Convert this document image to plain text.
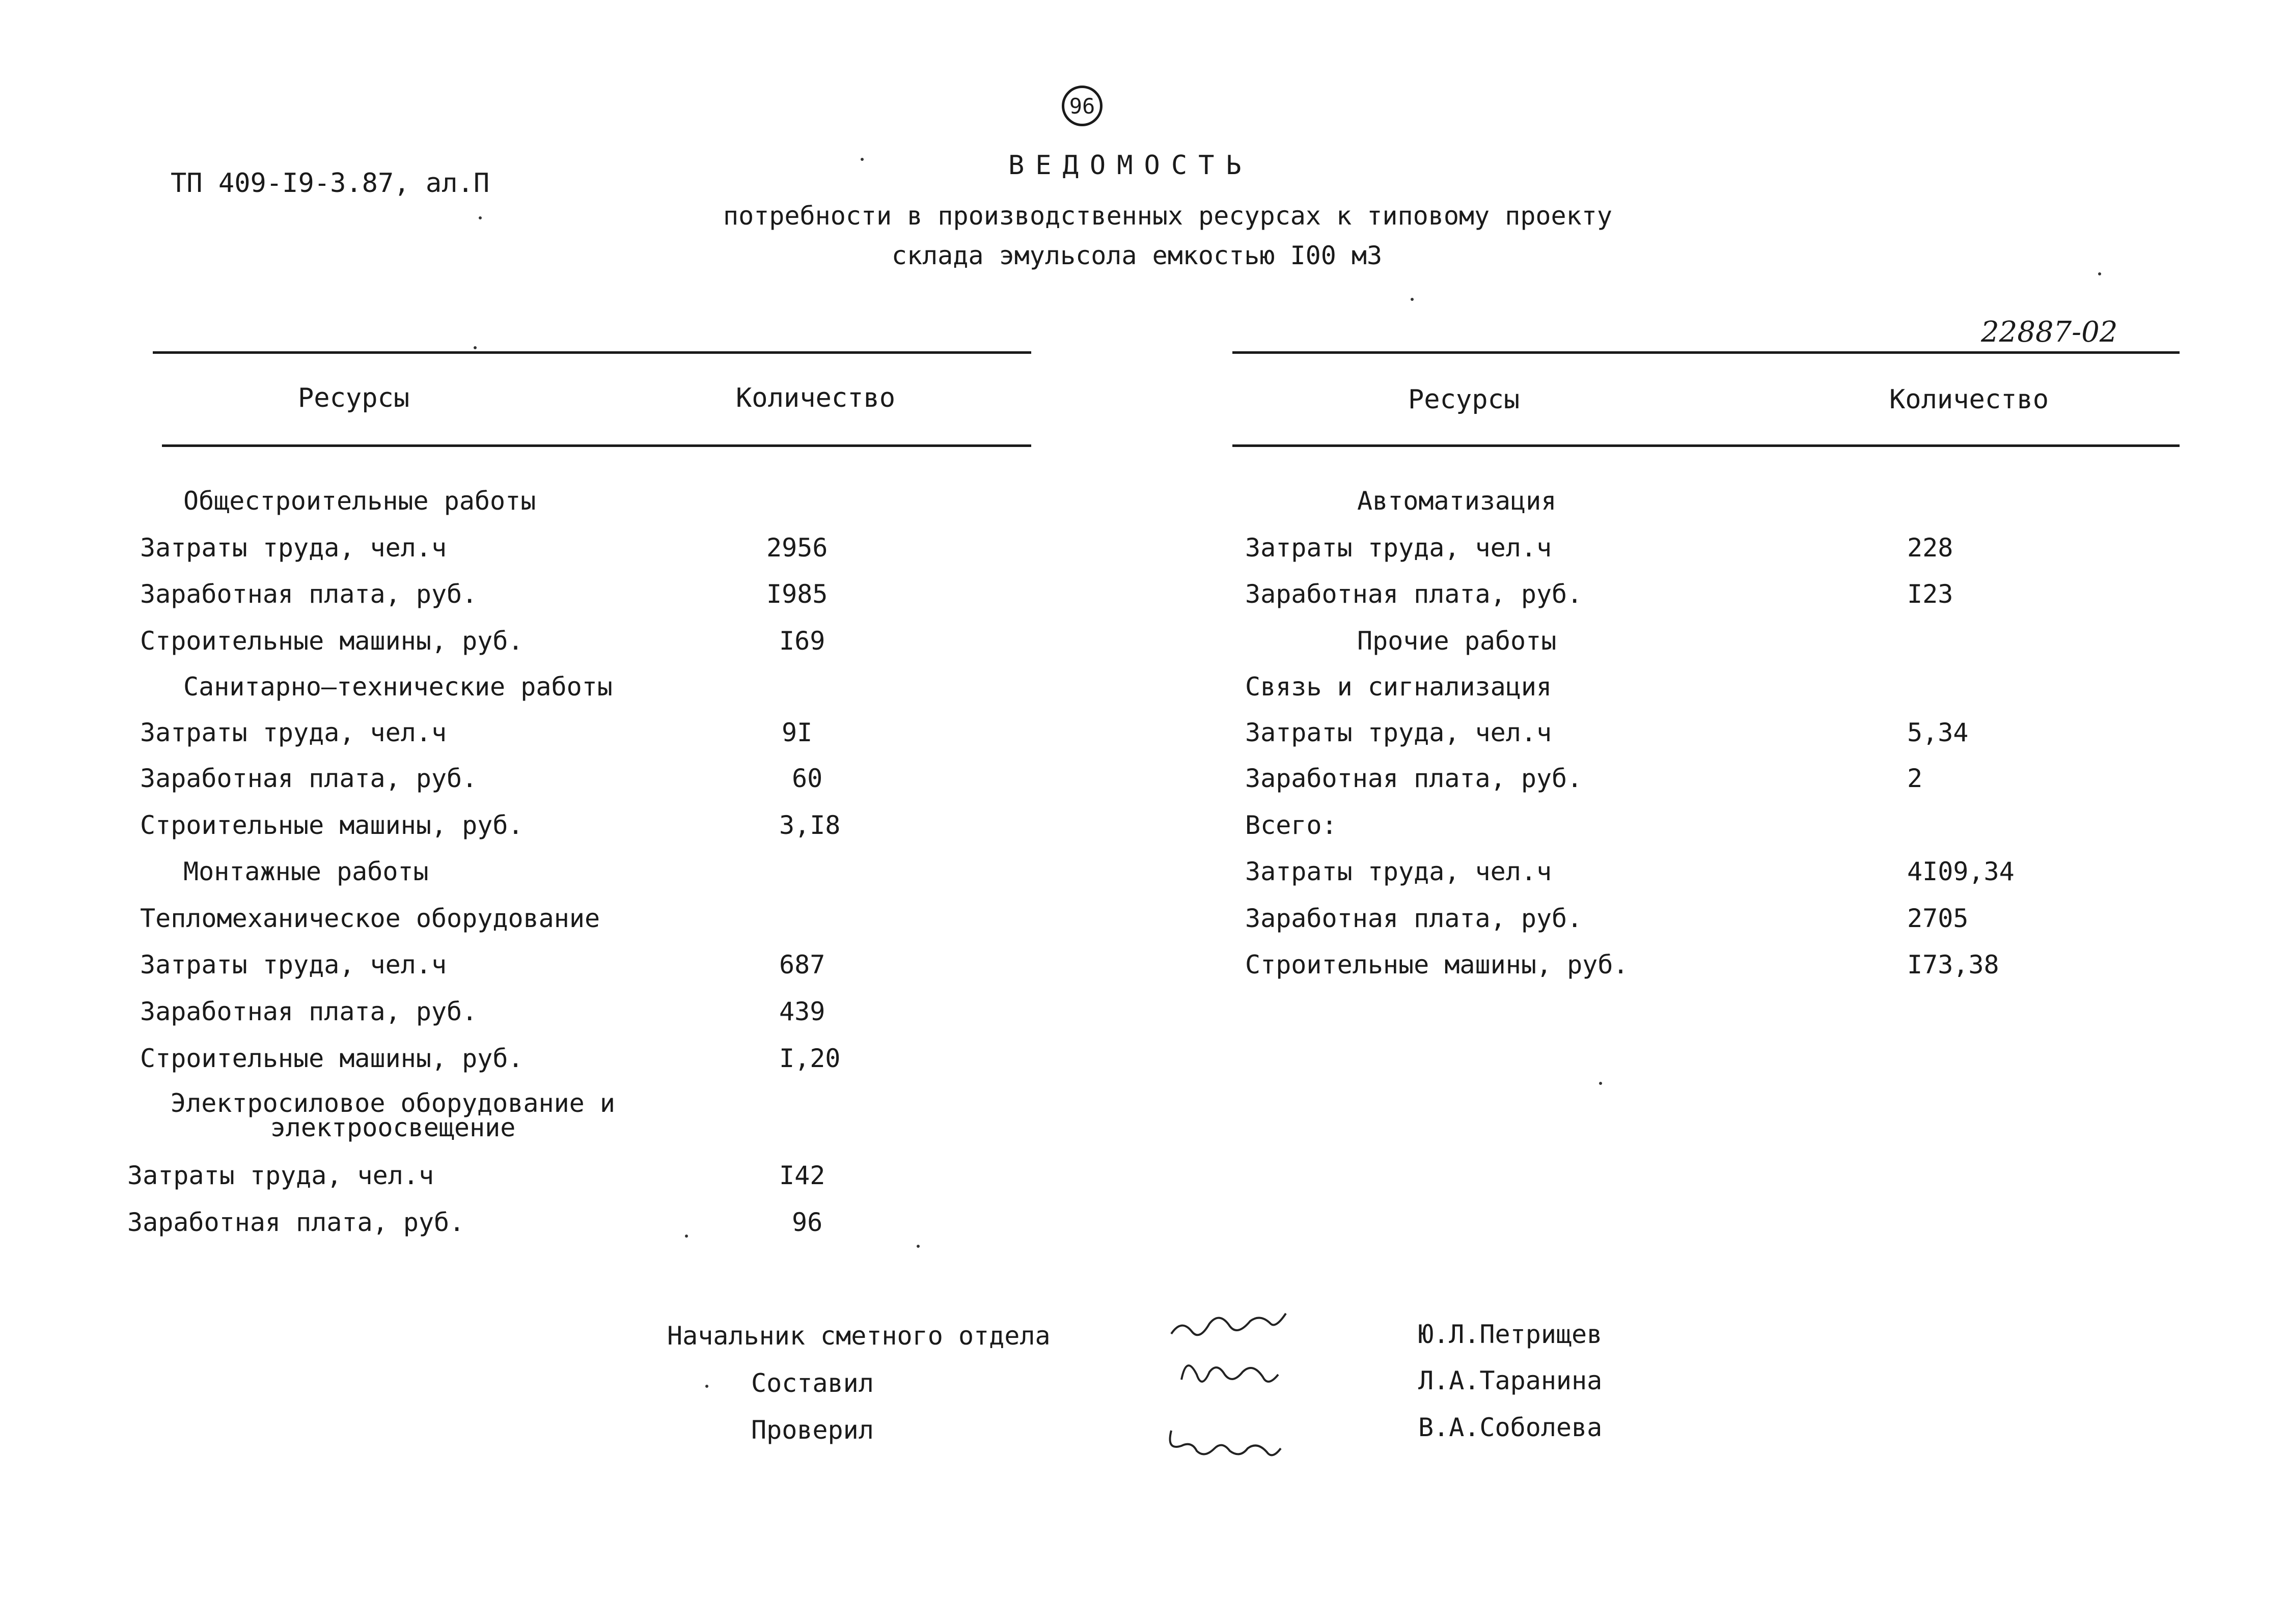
96
ТП 409-I9-3.87, ал.П
ВЕДОМОСТЬ
потребности в производственных ресурсах к типовому проекту
склада эмульсола емкостью I00 м3
22887-02
Ресурсы	Количество	Ресурсы	Количество
Общестроительные работы
Затраты труда, чел.ч	2956
Заработная плата, руб.	I985
Строительные машины, руб.	I69
Санитарно–технические работы
Затраты труда, чел.ч	9I
Заработная плата, руб.	60
Строительные машины, руб.	3,I8
Монтажные работы
Тепломеханическое оборудование
Затраты труда, чел.ч	687
Заработная плата, руб.	439
Строительные машины, руб.	I,20
Электросиловое оборудование и
электроосвещение
Затраты труда, чел.ч	I42
Заработная плата, руб.	96
Автоматизация
Затраты труда, чел.ч	228
Заработная плата, руб.	I23
Прочие работы
Связь и сигнализация
Затраты труда, чел.ч	5,34
Заработная плата, руб.	2
Всего:
Затраты труда, чел.ч	4I09,34
Заработная плата, руб.	2705
Строительные машины, руб.	I73,38
Начальник сметного отдела
Составил
Проверил
Ю.Л.Петрищев
Л.А.Таранина
В.А.Соболева
